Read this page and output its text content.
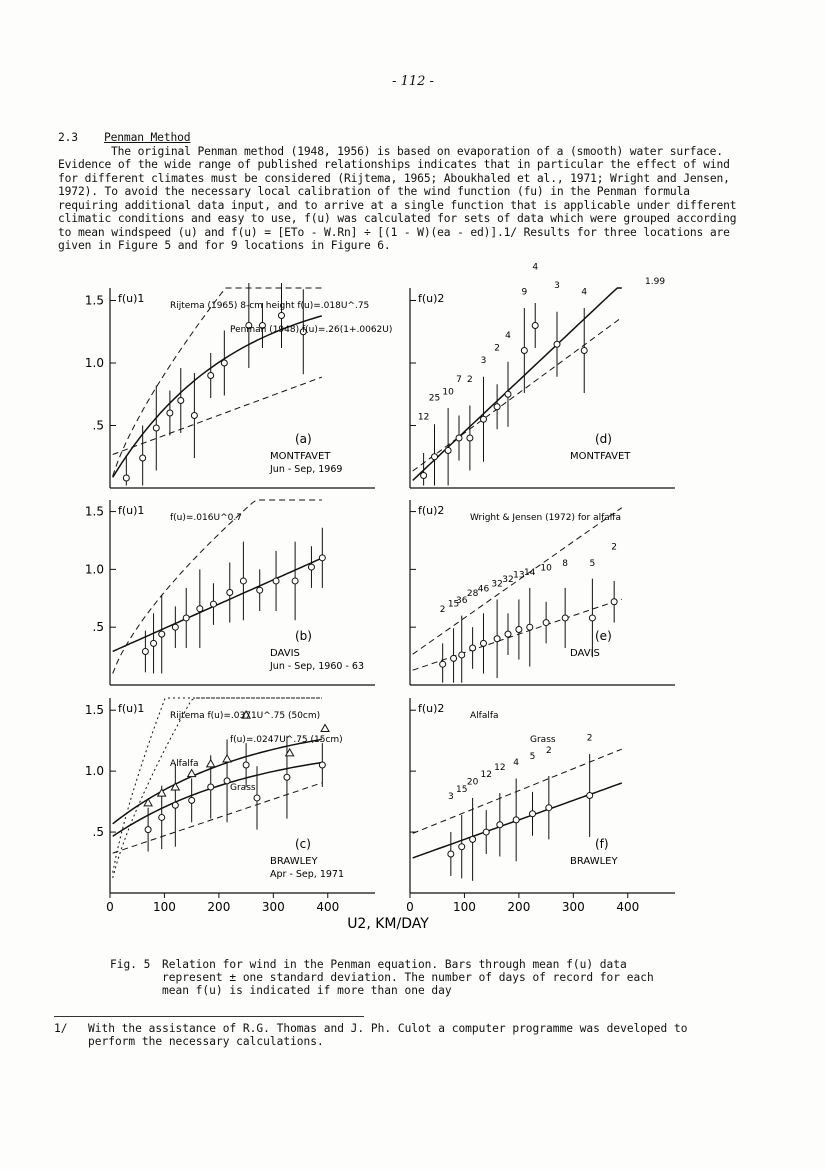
- 112 -
2.3 Penman Method

The original Penman method (1948, 1956) is based on evaporation of a (smooth) water surface.

Evidence of the wide range of published relationships indicates that in particular the effect of wind

for different climates must be considered (Rijtema, 1965; Aboukhaled et al., 1971; Wright and Jensen,

1972). To avoid the necessary local calibration of the wind function (fu) in the Penman formula

requiring additional data input, and to arrive at a single function that is applicable under different

climatic conditions and easy to use, f(u) was calculated for sets of data which were grouped according

to mean windspeed (u) and f(u) = [ETo - W.Rn] ÷ [(1 - W)(ea - ed)].1/ Results for three locations are

given in Figure 5 and for 9 locations in Figure 6.

1.5
1.0
.5
f(u)1
Rijtema (1965) 8-cm height f(u)=.018U^.75
Penman (1948) f(u)=.26(1+.0062U)
(a)
MONTFAVET
Jun - Sep, 1969
1.5
1.0
.5
f(u)1
f(u)=.016U^0.7
(b)
DAVIS
Jun - Sep, 1960 - 63
1.5
1.0
.5
f(u)1
Rijtema f(u)=.0371U^.75 (50cm)
f(u)=.0247U^.75 (15cm)
Alfalfa
Grass
(c)
BRAWLEY
Apr - Sep, 1971
0	100	200	300	400
f(u)2
12
25
10
7 2
3
2
4
9
4
3
4
1.99
(d)
MONTFAVET
f(u)2
2
15
36
28 46 32 32 13 14 10 8 5
2
Wright & Jensen (1972) for alfalfa
(e)
DAVIS
f(u)2
3
15
20
12
12 4
5
2
2
Alfalfa
Grass
(f)
BRAWLEY
0	100	200	300	400
U2, KM/DAY
Fig. 5	Relation for wind in the Penman equation. Bars through mean f(u) data

represent ± one standard deviation. The number of days of record for each

mean f(u) is indicated if more than one day

1/	With the assistance of R.G. Thomas and J. Ph. Culot a computer programme was developed to

perform the necessary calculations.
